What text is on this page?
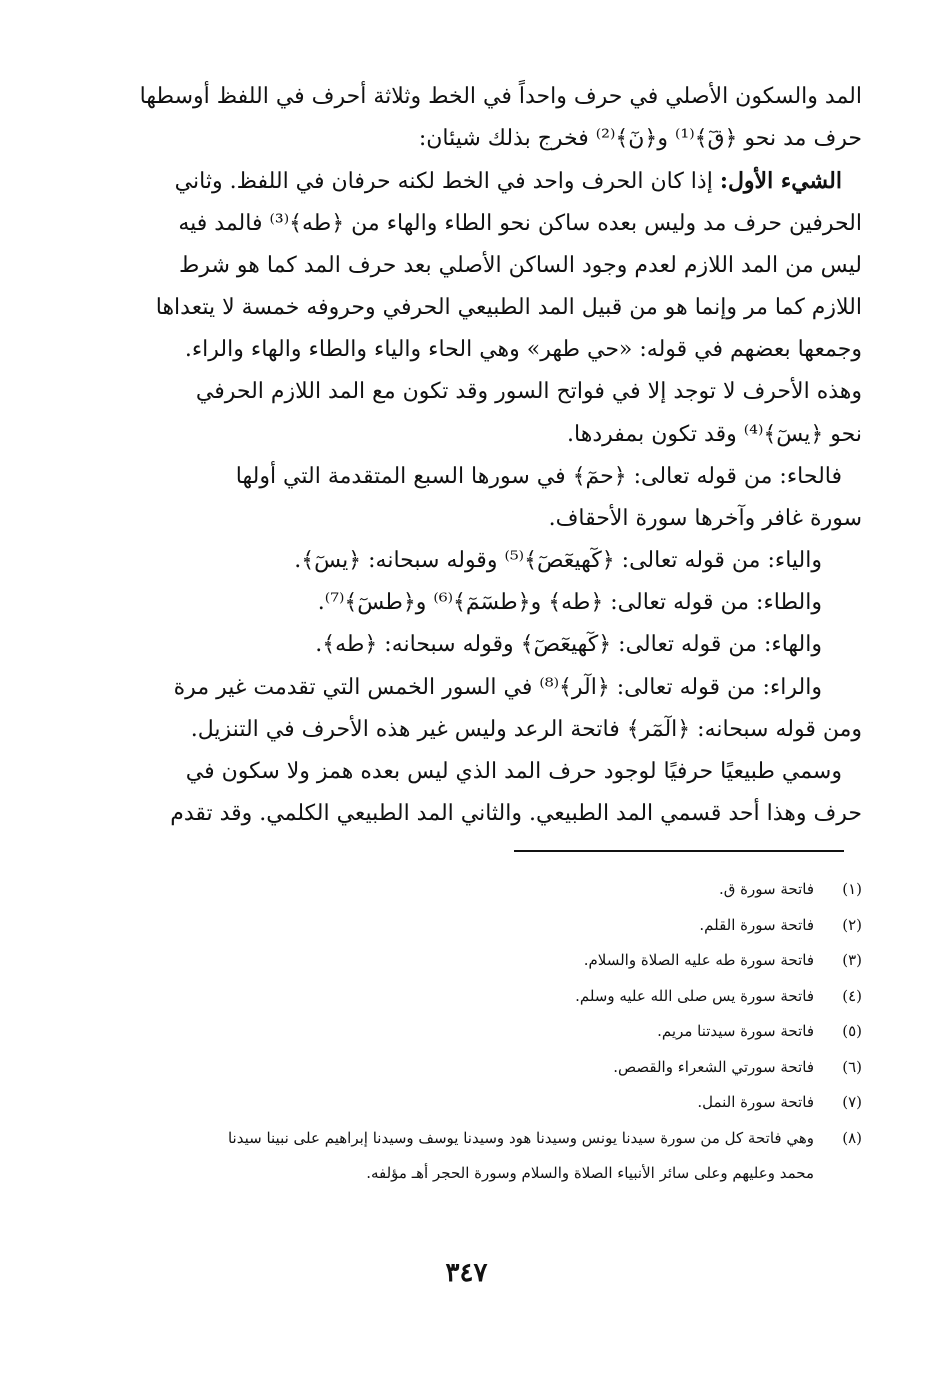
المد والسكون الأصلي في حرف واحداً في الخط وثلاثة أحرف في اللفظ أوسطها
حرف مد نحو ﴿قٓ﴾⁽¹⁾ و﴿نٓ﴾⁽²⁾ فخرج بذلك شيئان:
الشيء الأول: إذا كان الحرف واحد في الخط لكنه حرفان في اللفظ. وثاني
الحرفين حرف مد وليس بعده ساكن نحو الطاء والهاء من ﴿طه﴾⁽³⁾ فالمد فيه
ليس من المد اللازم لعدم وجود الساكن الأصلي بعد حرف المد كما هو شرط
اللازم كما مر وإنما هو من قبيل المد الطبيعي الحرفي وحروفه خمسة لا يتعداها
وجمعها بعضهم في قوله: «حي طهر» وهي الحاء والياء والطاء والهاء والراء.
وهذه الأحرف لا توجد إلا في فواتح السور وقد تكون مع المد اللازم الحرفي
نحو ﴿يسٓ﴾⁽⁴⁾ وقد تكون بمفردها.
فالحاء: من قوله تعالى: ﴿حمٓ﴾ في سورها السبع المتقدمة التي أولها
سورة غافر وآخرها سورة الأحقاف.
والياء: من قوله تعالى: ﴿كٓهيعٓصٓ﴾⁽⁵⁾ وقوله سبحانه: ﴿يسٓ﴾.
والطاء: من قوله تعالى: ﴿طه﴾ و﴿طسٓمٓ﴾⁽⁶⁾ و﴿طسٓ﴾⁽⁷⁾.
والهاء: من قوله تعالى: ﴿كٓهيعٓصٓ﴾ وقوله سبحانه: ﴿طه﴾.
والراء: من قوله تعالى: ﴿الٓر﴾⁽⁸⁾ في السور الخمس التي تقدمت غير مرة
ومن قوله سبحانه: ﴿الٓمٓر﴾ فاتحة الرعد وليس غير هذه الأحرف في التنزيل.
وسمي طبيعيًا حرفيًا لوجود حرف المد الذي ليس بعده همز ولا سكون في
حرف وهذا أحد قسمي المد الطبيعي. والثاني المد الطبيعي الكلمي. وقد تقدم
(١)
فاتحة سورة ق.
(٢)
فاتحة سورة القلم.
(٣)
فاتحة سورة طه عليه الصلاة والسلام.
(٤)
فاتحة سورة يس صلى الله عليه وسلم.
(٥)
فاتحة سورة سيدتنا مريم.
(٦)
فاتحة سورتي الشعراء والقصص.
(٧)
فاتحة سورة النمل.
(٨)
وهي فاتحة كل من سورة سيدنا يونس وسيدنا هود وسيدنا يوسف وسيدنا إبراهيم على نبينا سيدنا
محمد وعليهم وعلى سائر الأنبياء الصلاة والسلام وسورة الحجر أهـ مؤلفه.
٣٤٧
